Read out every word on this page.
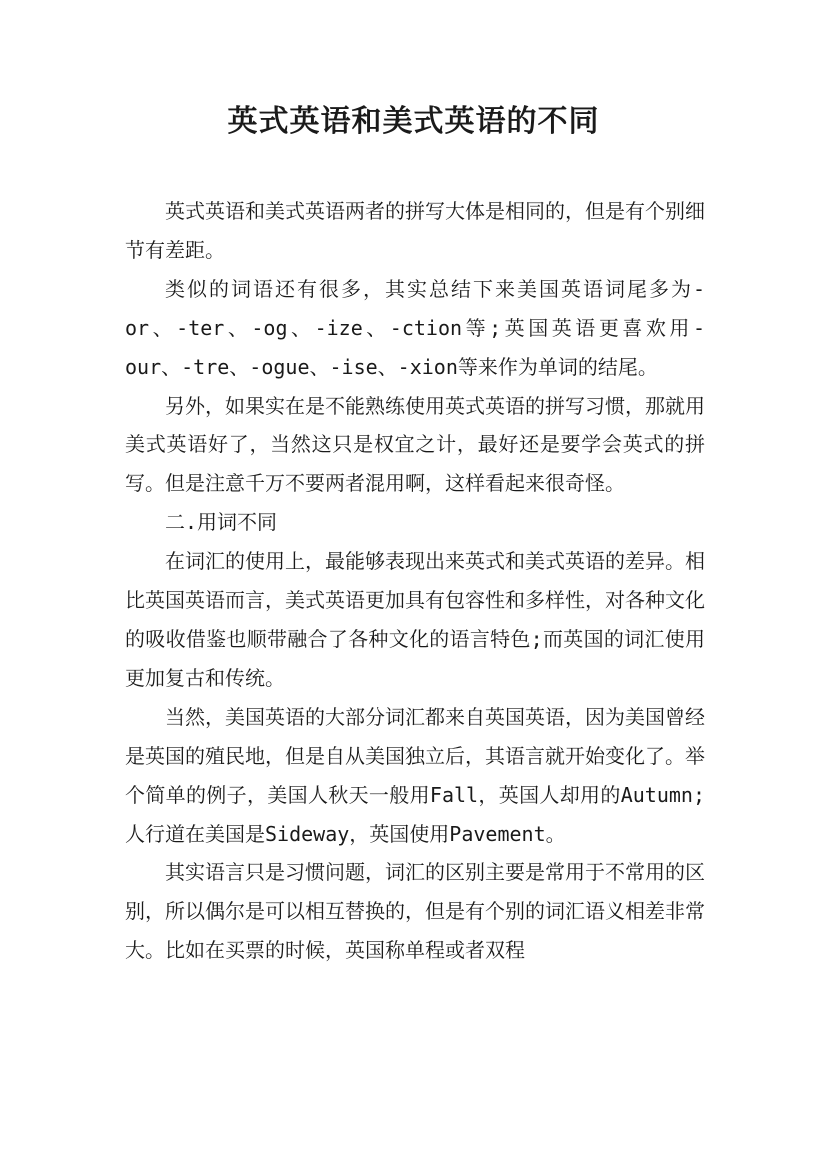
英式英语和美式英语的不同

英式英语和美式英语两者的拼写大体是相同的，但是有个别细节有差距。

类似的词语还有很多，其实总结下来美国英语词尾多为-or、-ter、-og、-ize、-ction等;英国英语更喜欢用-our、-tre、-ogue、-ise、-xion等来作为单词的结尾。

另外，如果实在是不能熟练使用英式英语的拼写习惯，那就用美式英语好了，当然这只是权宜之计，最好还是要学会英式的拼写。但是注意千万不要两者混用啊，这样看起来很奇怪。

二.用词不同

在词汇的使用上，最能够表现出来英式和美式英语的差异。相比英国英语而言，美式英语更加具有包容性和多样性，对各种文化的吸收借鉴也顺带融合了各种文化的语言特色;而英国的词汇使用更加复古和传统。

当然，美国英语的大部分词汇都来自英国英语，因为美国曾经是英国的殖民地，但是自从美国独立后，其语言就开始变化了。举个简单的例子，美国人秋天一般用Fall，英国人却用的Autumn;人行道在美国是Sideway，英国使用Pavement。

其实语言只是习惯问题，词汇的区别主要是常用于不常用的区别，所以偶尔是可以相互替换的，但是有个别的词汇语义相差非常大。比如在买票的时候，英国称单程或者双程
